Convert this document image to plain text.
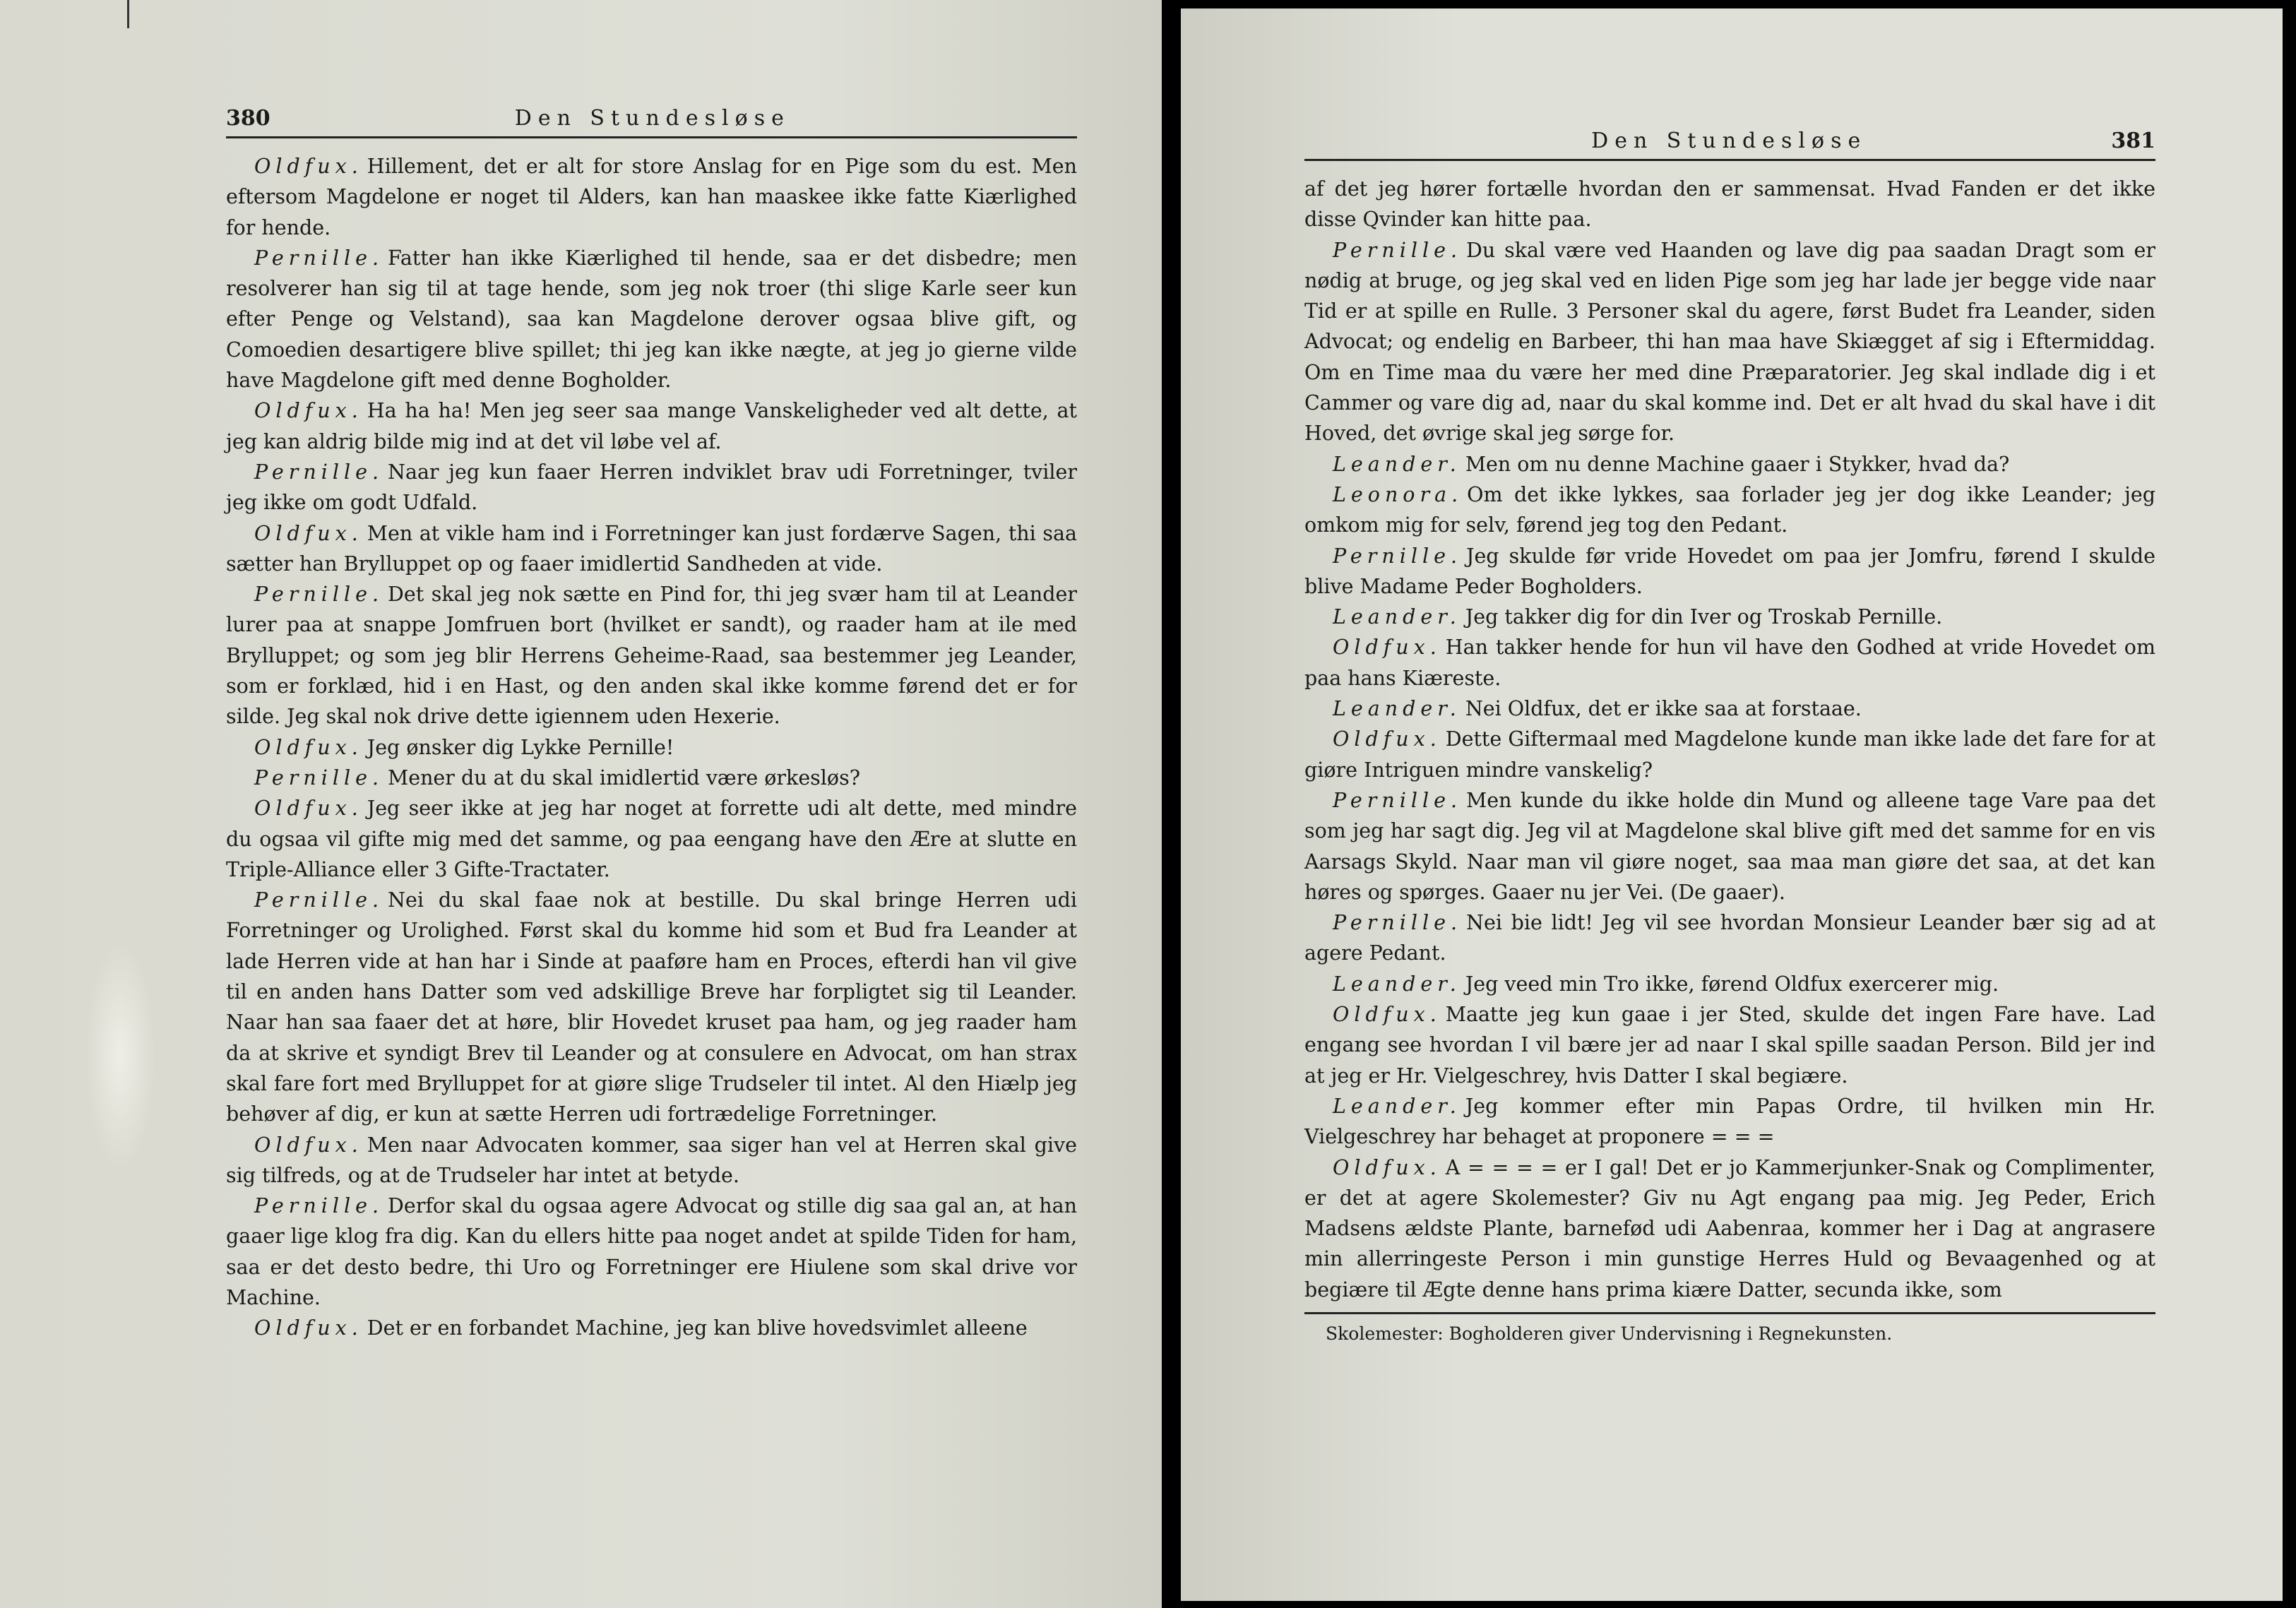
380	Den Stundesløse

Oldfux. Hillement, det er alt for store Anslag for en Pige som du est. Men eftersom Magdelone er noget til Alders, kan han maaskee ikke fatte Kiærlighed for hende.

Pernille. Fatter han ikke Kiærlighed til hende, saa er det disbedre; men resolverer han sig til at tage hende, som jeg nok troer (thi slige Karle seer kun efter Penge og Velstand), saa kan Magdelone derover ogsaa blive gift, og Comoedien desartigere blive spillet; thi jeg kan ikke nægte, at jeg jo gierne vilde have Magdelone gift med denne Bogholder.

Oldfux. Ha ha ha! Men jeg seer saa mange Vanskeligheder ved alt dette, at jeg kan aldrig bilde mig ind at det vil løbe vel af.

Pernille. Naar jeg kun faaer Herren indviklet brav udi Forretninger, tviler jeg ikke om godt Udfald.

Oldfux. Men at vikle ham ind i Forretninger kan just fordærve Sagen, thi saa sætter han Brylluppet op og faaer imidlertid Sandheden at vide.

Pernille. Det skal jeg nok sætte en Pind for, thi jeg svær ham til at Leander lurer paa at snappe Jomfruen bort (hvilket er sandt), og raader ham at ile med Brylluppet; og som jeg blir Herrens Geheime-Raad, saa bestemmer jeg Leander, som er forklæd, hid i en Hast, og den anden skal ikke komme førend det er for silde. Jeg skal nok drive dette igiennem uden Hexerie.

Oldfux. Jeg ønsker dig Lykke Pernille!

Pernille. Mener du at du skal imidlertid være ørkesløs?

Oldfux. Jeg seer ikke at jeg har noget at forrette udi alt dette, med mindre du ogsaa vil gifte mig med det samme, og paa eengang have den Ære at slutte en Triple-Alliance eller 3 Gifte-Tractater.

Pernille. Nei du skal faae nok at bestille. Du skal bringe Herren udi Forretninger og Urolighed. Først skal du komme hid som et Bud fra Leander at lade Herren vide at han har i Sinde at paaføre ham en Proces, efterdi han vil give til en anden hans Datter som ved adskillige Breve har forpligtet sig til Leander. Naar han saa faaer det at høre, blir Hovedet kruset paa ham, og jeg raader ham da at skrive et syndigt Brev til Leander og at consulere en Advocat, om han strax skal fare fort med Brylluppet for at giøre slige Trudseler til intet. Al den Hiælp jeg behøver af dig, er kun at sætte Herren udi fortrædelige Forretninger.

Oldfux. Men naar Advocaten kommer, saa siger han vel at Herren skal give sig tilfreds, og at de Trudseler har intet at betyde.

Pernille. Derfor skal du ogsaa agere Advocat og stille dig saa gal an, at han gaaer lige klog fra dig. Kan du ellers hitte paa noget andet at spilde Tiden for ham, saa er det desto bedre, thi Uro og Forretninger ere Hiulene som skal drive vor Machine.

Oldfux. Det er en forbandet Machine, jeg kan blive hovedsvimlet alleene

Den Stundesløse	381

af det jeg hører fortælle hvordan den er sammensat. Hvad Fanden er det ikke disse Qvinder kan hitte paa.

Pernille. Du skal være ved Haanden og lave dig paa saadan Dragt som er nødig at bruge, og jeg skal ved en liden Pige som jeg har lade jer begge vide naar Tid er at spille en Rulle. 3 Personer skal du agere, først Budet fra Leander, siden Advocat; og endelig en Barbeer, thi han maa have Skiægget af sig i Eftermiddag. Om en Time maa du være her med dine Præparatorier. Jeg skal indlade dig i et Cammer og vare dig ad, naar du skal komme ind. Det er alt hvad du skal have i dit Hoved, det øvrige skal jeg sørge for.

Leander. Men om nu denne Machine gaaer i Stykker, hvad da?

Leonora. Om det ikke lykkes, saa forlader jeg jer dog ikke Leander; jeg omkom mig for selv, førend jeg tog den Pedant.

Pernille. Jeg skulde før vride Hovedet om paa jer Jomfru, førend I skulde blive Madame Peder Bogholders.

Leander. Jeg takker dig for din Iver og Troskab Pernille.

Oldfux. Han takker hende for hun vil have den Godhed at vride Hovedet om paa hans Kiæreste.

Leander. Nei Oldfux, det er ikke saa at forstaae.

Oldfux. Dette Giftermaal med Magdelone kunde man ikke lade det fare for at giøre Intriguen mindre vanskelig?

Pernille. Men kunde du ikke holde din Mund og alleene tage Vare paa det som jeg har sagt dig. Jeg vil at Magdelone skal blive gift med det samme for en vis Aarsags Skyld. Naar man vil giøre noget, saa maa man giøre det saa, at det kan høres og spørges. Gaaer nu jer Vei. (De gaaer).

Pernille. Nei bie lidt! Jeg vil see hvordan Monsieur Leander bær sig ad at agere Pedant.

Leander. Jeg veed min Tro ikke, førend Oldfux exercerer mig.

Oldfux. Maatte jeg kun gaae i jer Sted, skulde det ingen Fare have. Lad engang see hvordan I vil bære jer ad naar I skal spille saadan Person. Bild jer ind at jeg er Hr. Vielgeschrey, hvis Datter I skal begiære.

Leander. Jeg kommer efter min Papas Ordre, til hvilken min Hr. Vielgeschrey har behaget at proponere = = =

Oldfux. A = = = = er I gal! Det er jo Kammerjunker-Snak og Complimenter, er det at agere Skolemester? Giv nu Agt engang paa mig. Jeg Peder, Erich Madsens ældste Plante, barnefød udi Aabenraa, kommer her i Dag at angrasere min allerringeste Person i min gunstige Herres Huld og Bevaagenhed og at begiære til Ægte denne hans prima kiære Datter, secunda ikke, som

Skolemester: Bogholderen giver Undervisning i Regnekunsten.
